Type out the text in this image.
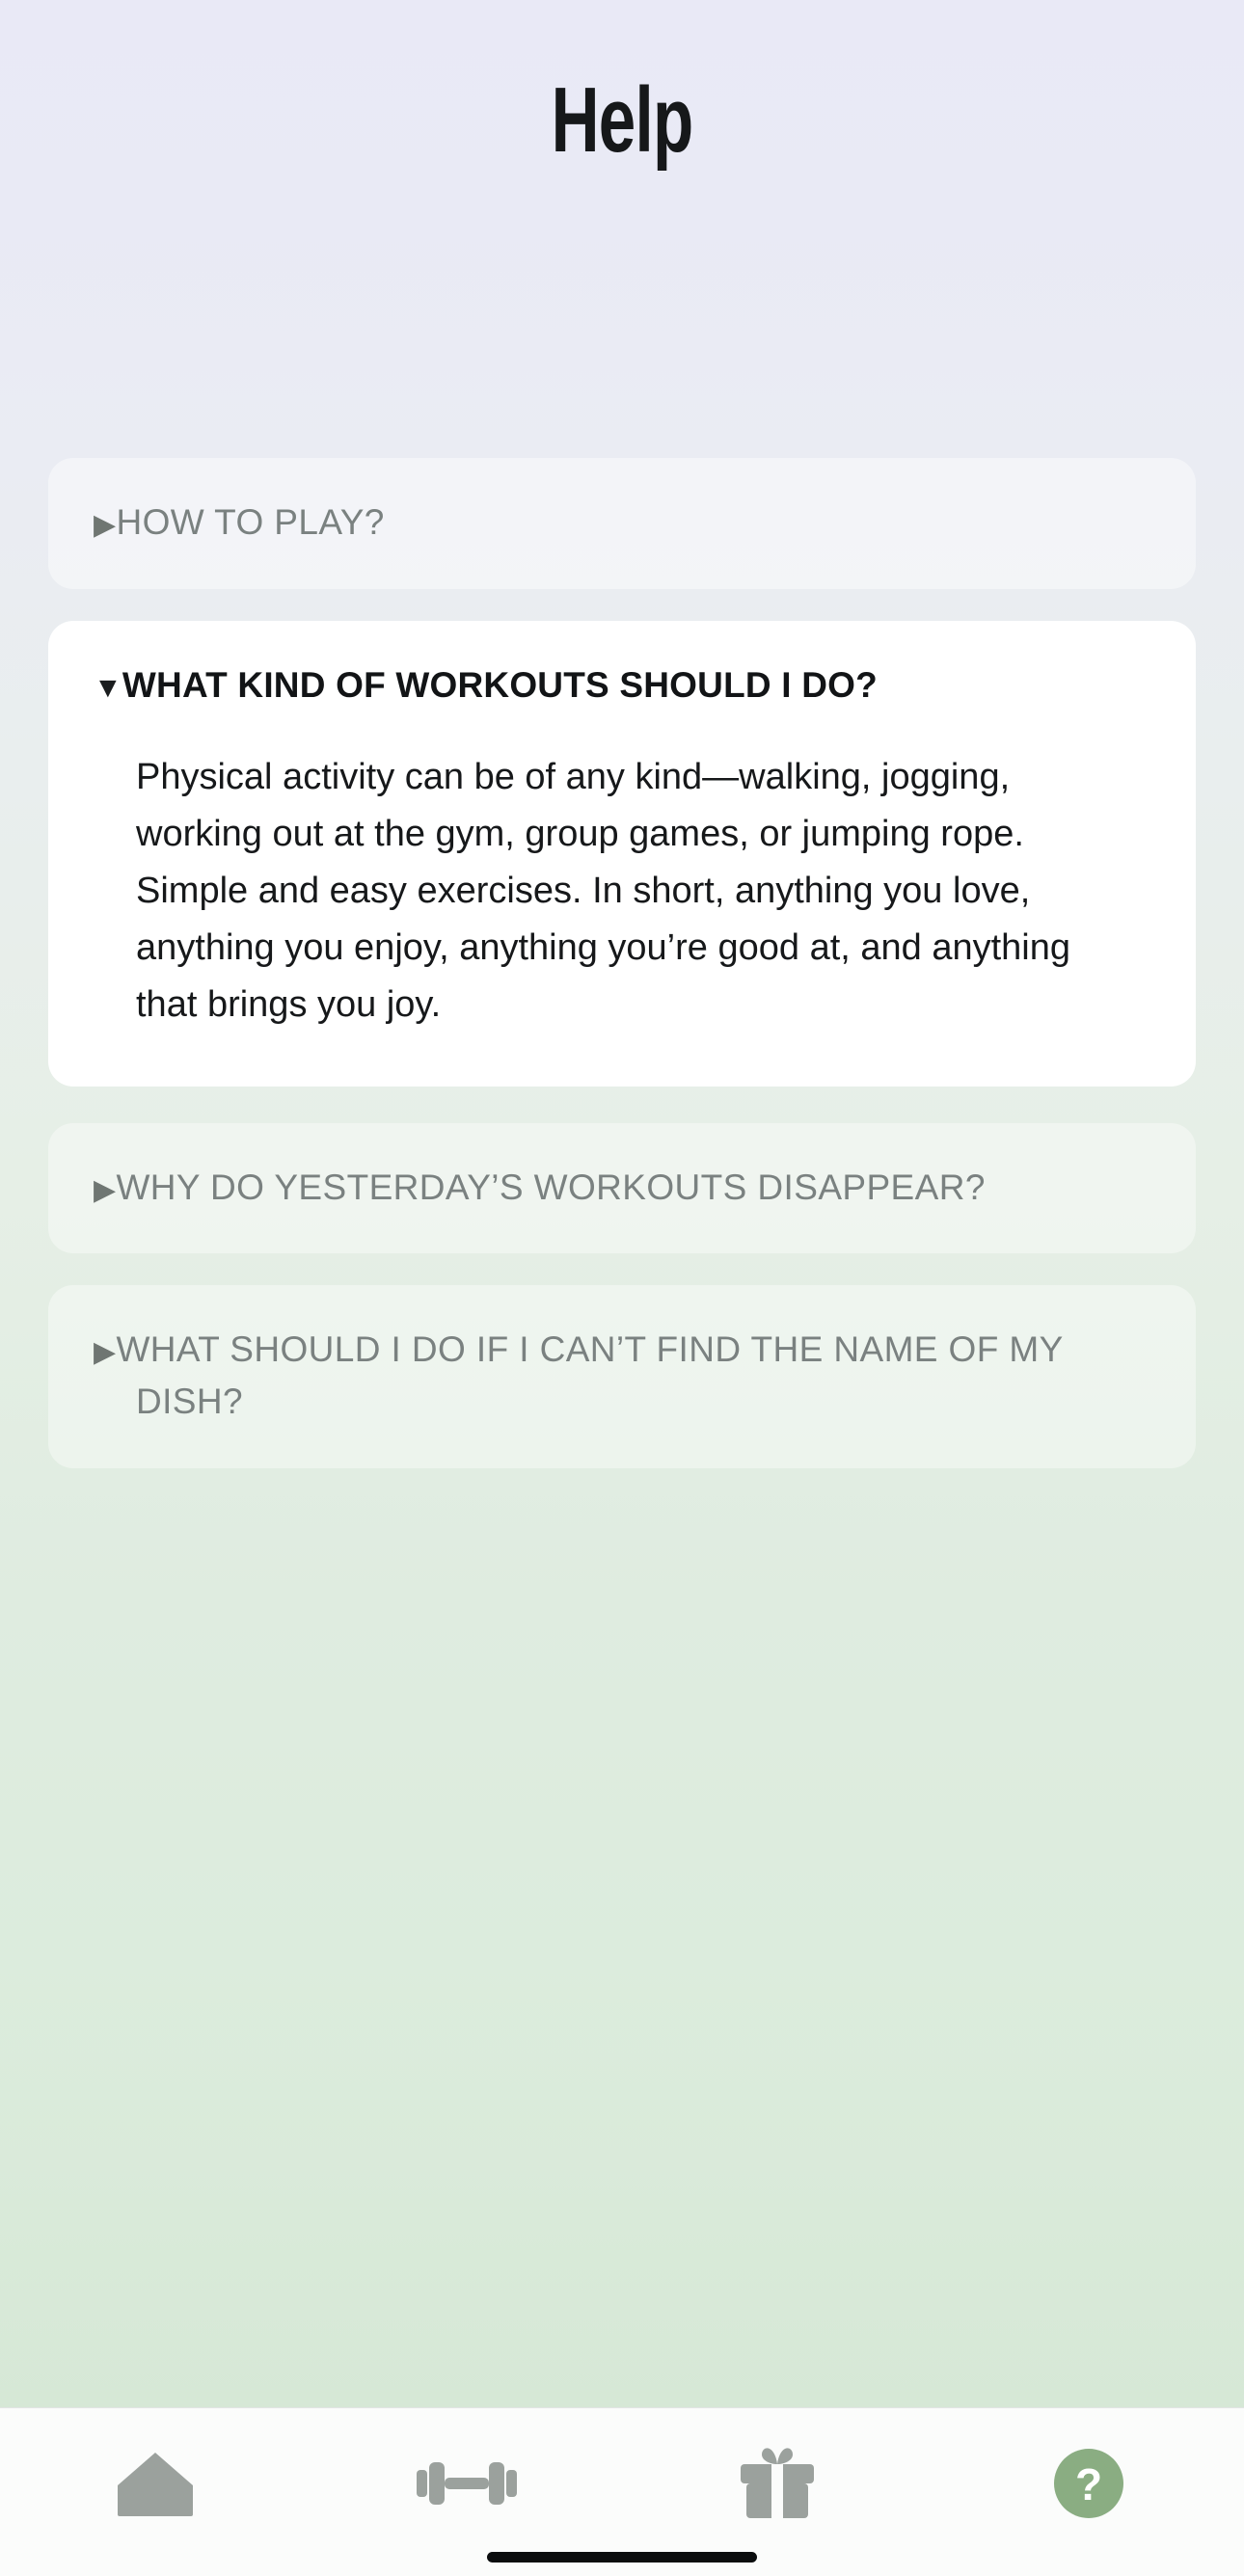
Help
▶HOW TO PLAY?
▼WHAT KIND OF WORKOUTS SHOULD I DO?
Physical activity can be of any kind—walking, jogging, working out at the gym, group games, or jumping rope. Simple and easy exercises. In short, anything you love, anything you enjoy, anything you’re good at, and anything that brings you joy.
▶WHY DO YESTERDAY’S WORKOUTS DISAPPEAR?
▶WHAT SHOULD I DO IF I CAN’T FIND THE NAME OF MY DISH?
?
